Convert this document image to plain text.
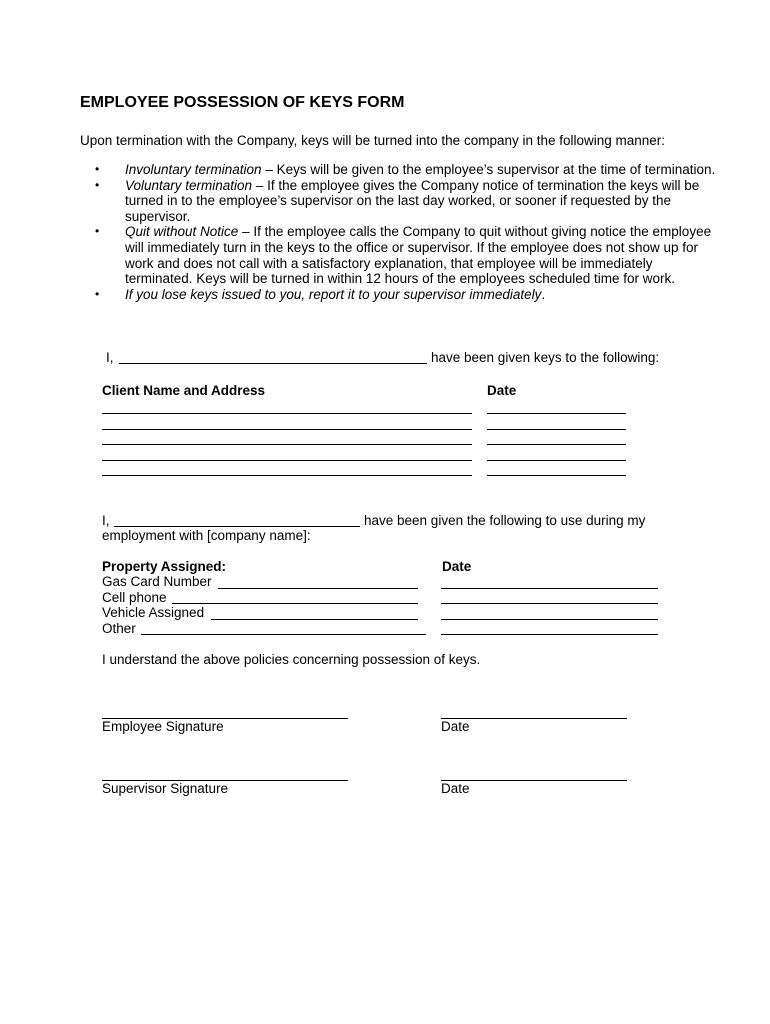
EMPLOYEE POSSESSION OF KEYS FORM
Upon termination with the Company, keys will be turned into the company in the following manner:
• Involuntary termination – Keys will be given to the employee’s supervisor at the time of termination.
• Voluntary termination – If the employee gives the Company notice of termination the keys will be turned in to the employee’s supervisor on the last day worked, or sooner if requested by the supervisor.
• Quit without Notice – If the employee calls the Company to quit without giving notice the employee will immediately turn in the keys to the office or supervisor. If the employee does not show up for work and does not call with a satisfactory explanation, that employee will be immediately terminated. Keys will be turned in within 12 hours of the employees scheduled time for work.
• If you lose keys issued to you, report it to your supervisor immediately.
I,	have been given keys to the following:
Client Name and Address	Date
I,	have been given the following to use during my
employment with [company name]:
Property Assigned:	Date
Gas Card Number
Cell phone
Vehicle Assigned
Other
I understand the above policies concerning possession of keys.
Employee Signature	Date
Supervisor Signature	Date
